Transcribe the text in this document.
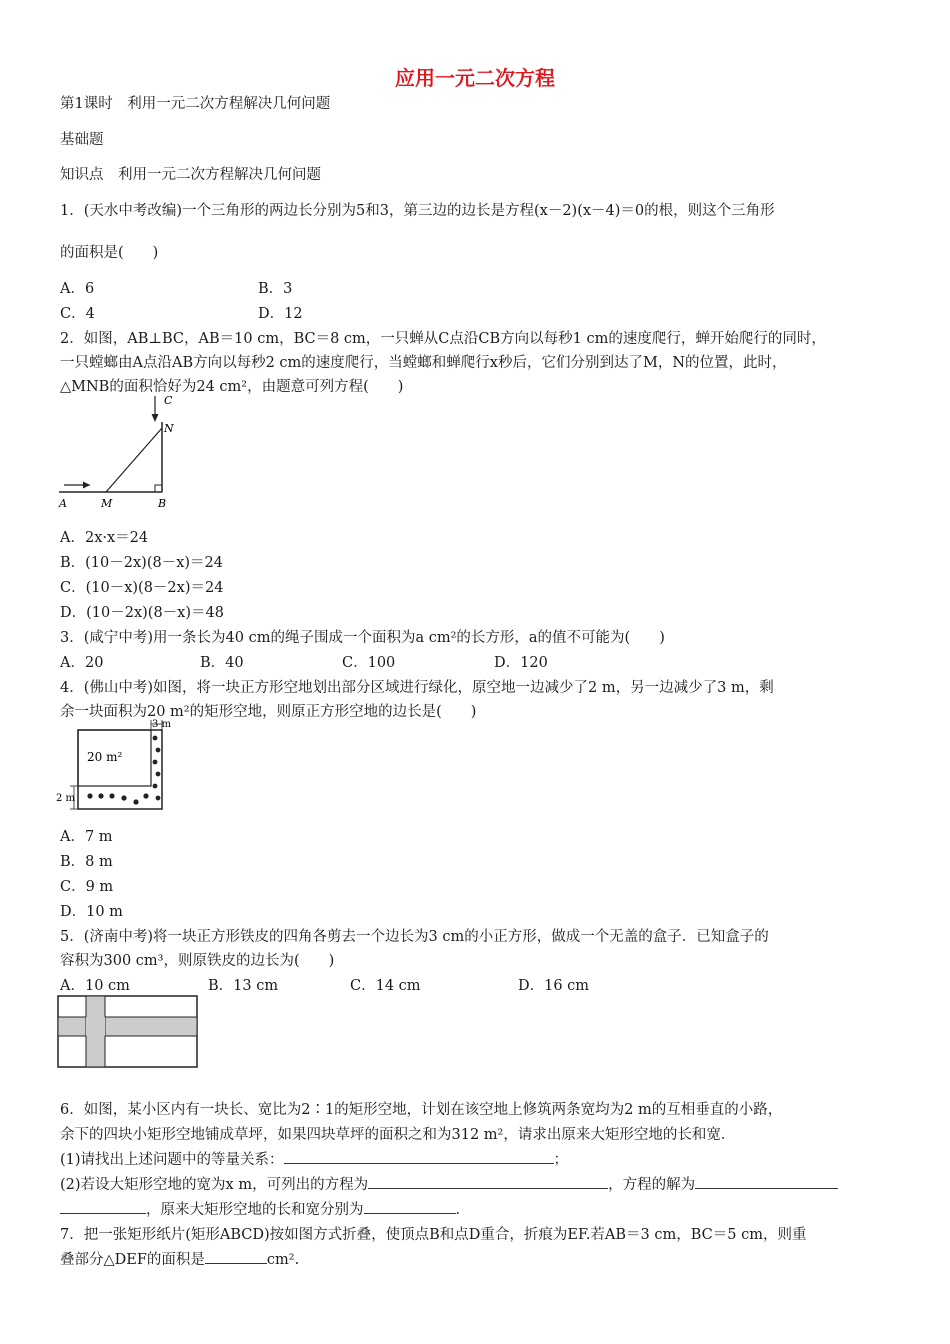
应用一元二次方程
第1课时　利用一元二次方程解决几何问题
基础题
知识点　利用一元二次方程解决几何问题
1．(天水中考改编)一个三角形的两边长分别为5和3，第三边的边长是方程(x－2)(x－4)＝0的根，则这个三角形
的面积是(　　)
A．6	B．3
C．4	D．12
2．如图，AB⊥BC，AB＝10 cm，BC＝8 cm，一只蝉从C点沿CB方向以每秒1 cm的速度爬行，蝉开始爬行的同时，
一只螳螂由A点沿AB方向以每秒2 cm的速度爬行，当螳螂和蝉爬行x秒后，它们分别到达了M，N的位置，此时，
△MNB的面积恰好为24 cm²，由题意可列方程(　　)
A	M	B
N
C
A．2x·x＝24
B．(10－2x)(8－x)＝24
C．(10－x)(8－2x)＝24
D．(10－2x)(8－x)＝48
3．(咸宁中考)用一条长为40 cm的绳子围成一个面积为a cm²的长方形，a的值不可能为(　　)
A．20	B．40	C．100	D．120
4．(佛山中考)如图，将一块正方形空地划出部分区域进行绿化，原空地一边减少了2 m，另一边减少了3 m，剩
余一块面积为20 m²的矩形空地，则原正方形空地的边长是(　　)
20 m²
3 m
2 m
A．7 m
B．8 m
C．9 m
D．10 m
5．(济南中考)将一块正方形铁皮的四角各剪去一个边长为3 cm的小正方形，做成一个无盖的盒子．已知盒子的
容积为300 cm³，则原铁皮的边长为(　　)
A．10 cm	B．13 cm	C．14 cm	D．16 cm
6．如图，某小区内有一块长、宽比为2∶1的矩形空地，计划在该空地上修筑两条宽均为2 m的互相垂直的小路，
余下的四块小矩形空地铺成草坪，如果四块草坪的面积之和为312 m²，请求出原来大矩形空地的长和宽．
(1)请找出上述问题中的等量关系：	；
(2)若设大矩形空地的宽为x m，可列出的方程为	，方程的解为
，原来大矩形空地的长和宽分别为	．
7．把一张矩形纸片(矩形ABCD)按如图方式折叠，使顶点B和点D重合，折痕为EF.若AB＝3 cm，BC＝5 cm，则重
叠部分△DEF的面积是	cm².
